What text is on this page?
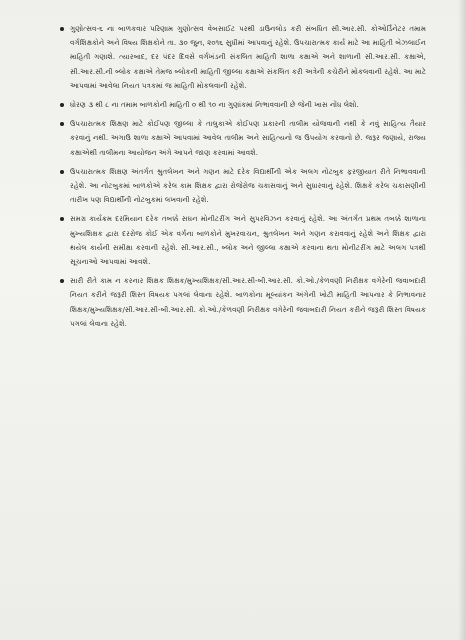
ગુણોત્સવ-૬ ના બાળકવાર પરિણામ ગુણોત્સવ વેબસાઈટ પરથી ડાઉનલોડ કરી સંબધિત સી.આર.સી. કોઓર્ડિનેટર તમામ વર્ગશિક્ષકોને અને વિષય શિક્ષકોને તા. ૩૦ જુન, ૨૦૧૬ સુધીમાં આપવાનું રહેશે. ઉપચારાત્મક કાર્ય માટે આ માહિતી બેઝલાઈન માહિતી ગણાશે. ત્યારબાદ, દર પંદર દિવસે વર્ગખંડની સંકલિત માહિતી શાળા કક્ષાએ અને શાળાની સી.આર.સી. કક્ષાએ, સી.આર.સી.ની બ્લોક કક્ષાએ તેમજ બ્લોકની માહિતી જીલ્લા કક્ષાએ સંકલિત કરી અત્રેની કચેરીને મોકલવાની રહેશે. આ માટે આપવામાં આવેલા નિયત પત્રકમાં જ માહિતી મોકલવાની રહેશે.
ધોરણ ૩ થી ૮ ના તમામ બાળકોની માહિતી ૦ થી ૧૦ ના ગુણાંકમાં નિભાવવાની છે જેની ખાસ નોંધ લેશો.
ઉપચારાત્મક શિક્ષણ માટે કોઈપણ જીલ્લા કે તાલુકાએ કોઈપણ પ્રકારની તાલીમ યોજવાની નથી કે નવું સાહિત્ય તૈયાર કરવાનું નથી. અગાઉ શાળા કક્ષાએ આપવામાં આવેલ તાલીમ અને સાહિત્યનો જ ઉપયોગ કરવાનો છે. જરૂર જણાયે, રાજ્ય કક્ષાએથી તાલીમના આયોજન અંગે આપને જાણ કરવામાં આવશે.
ઉપચારાત્મક શિક્ષણ અંતર્ગત શ્રુતલેખન અને ગણન માટે દરેક વિદ્યાર્થીની એક અલગ નોટબુક ફરજીયાત રીતે નિભાવવાની રહેશે. આ નોટબુકમાં બાળકોએ કરેલ કામ શિક્ષક દ્વારા રોજેરોજ ચકાસવાનું અને સુધારવાનું રહેશે. શિક્ષકે કરેલ ચકાસણીની તારીખ પણ વિદ્યાર્થીની નોટબુકમાં લખવાની રહેશે.
સમગ્ર કાર્યક્રમ દરમિયાન દરેક તબક્કે સઘન મોનીટરીંગ અને સુપરવિઝન કરવાનું રહેશે. આ અંતર્ગત પ્રથમ તબક્કે શાળાના મુખ્યશિક્ષક દ્વારા દરરોજ કોઈ એક વર્ગના બાળકોને મુખરવાચન, શ્રુતલેખન અને ગણન કરાવવાનું રહેશે અને શિક્ષક દ્વારા થયેલ કાર્યની સમીક્ષા કરવાની રહેશે. સી.આર.સી., બ્લોક અને જીલ્લા કક્ષાએ કરવાના થતા મોનીટરીંગ માટે અલગ પત્રથી સૂચનાઓ આપવામાં આવશે.
સારી રીતે કામ ન કરનાર શિક્ષક શિક્ષક/મુખ્યશિક્ષક/સી.આર.સી-બી.આર.સી. કો.ઓ./કેળવણી નિરીક્ષક વગેરેની જવાબદારી નિયત કરીને જરૂરી શિસ્ત વિષયક પગલાં લેવાના રહેશે. બાળકોના મૂલ્યાંકન અંગેની ખોટી માહિતી આપનાર કે નિભાવનાર શિક્ષક/મુખ્યશિક્ષક/સી.આર.સી-બી.આર.સી. કો.ઓ./કેળવણી નિરીક્ષક વગેરેની જવાબદારી નિયત કરીને જરૂરી શિસ્ત વિષયક પગલાં લેવાના રહેશે.
